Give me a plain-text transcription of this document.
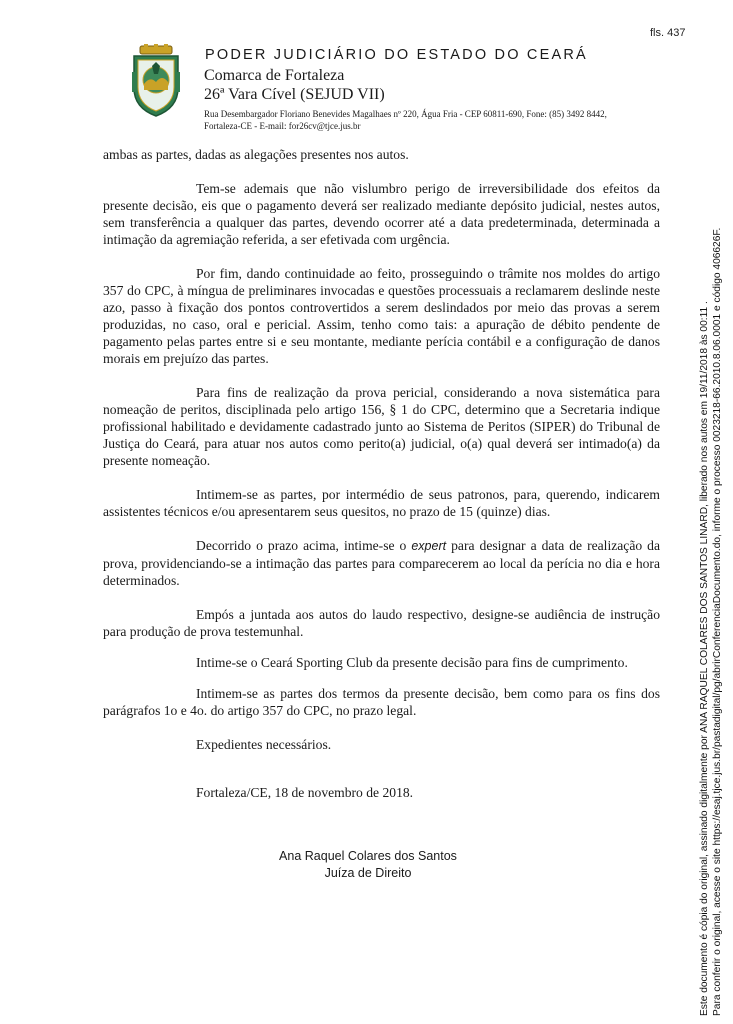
fls. 437
PODER JUDICIÁRIO DO ESTADO DO CEARÁ
Comarca de Fortaleza
26ª Vara Cível (SEJUD VII)
Rua Desembargador Floriano Benevides Magalhaes nº 220, Água Fria - CEP 60811-690, Fone: (85) 3492 8442,
Fortaleza-CE - E-mail: for26cv@tjce.jus.br

ambas as partes, dadas as alegações presentes nos autos.

Tem-se ademais que não vislumbro perigo de irreversibilidade dos efeitos da presente decisão, eis que o pagamento deverá ser realizado mediante depósito judicial, nestes autos, sem transferência a qualquer das partes, devendo ocorrer até a data predeterminada, determinada a intimação da agremiação referida, a ser efetivada com urgência.

Por fim, dando continuidade ao feito, prosseguindo o trâmite nos moldes do artigo 357 do CPC, à míngua de preliminares invocadas e questões processuais a reclamarem deslinde neste azo, passo à fixação dos pontos controvertidos a serem deslindados por meio das provas a serem produzidas, no caso, oral e pericial. Assim, tenho como tais: a apuração de débito pendente de pagamento pelas partes entre si e seu montante, mediante perícia contábil e a configuração de danos morais em prejuízo das partes.

Para fins de realização da prova pericial, considerando a nova sistemática para nomeação de peritos, disciplinada pelo artigo 156, § 1 do CPC, determino que a Secretaria indique profissional habilitado e devidamente cadastrado junto ao Sistema de Peritos (SIPER) do Tribunal de Justiça do Ceará, para atuar nos autos como perito(a) judicial, o(a) qual deverá ser intimado(a) da presente nomeação.

Intimem-se as partes, por intermédio de seus patronos, para, querendo, indicarem assistentes técnicos e/ou apresentarem seus quesitos, no prazo de 15 (quinze) dias.

Decorrido o prazo acima, intime-se o expert para designar a data de realização da prova, providenciando-se a intimação das partes para comparecerem ao local da perícia no dia e hora determinados.

Empós a juntada aos autos do laudo respectivo, designe-se audiência de instrução para produção de prova testemunhal.

Intime-se o Ceará Sporting Club da presente decisão para fins de cumprimento.

Intimem-se as partes dos termos da presente decisão, bem como para os fins dos parágrafos 1o e 4o. do artigo 357 do CPC, no prazo legal.

Expedientes necessários.

Fortaleza/CE, 18 de novembro de 2018.

Ana Raquel Colares dos Santos
Juíza de Direito	Este documento é cópia do original, assinado digitalmente por ANA RAQUEL COLARES DOS SANTOS LINARD, liberado nos autos em 19/11/2018 às 00:11 . Para conferir o original, acesse o site https://esaj.tjce.jus.br/pastadigital/pg/abrirConferenciaDocumento.do, informe o processo 0023218-66.2010.8.06.0001 e código 406626F.
